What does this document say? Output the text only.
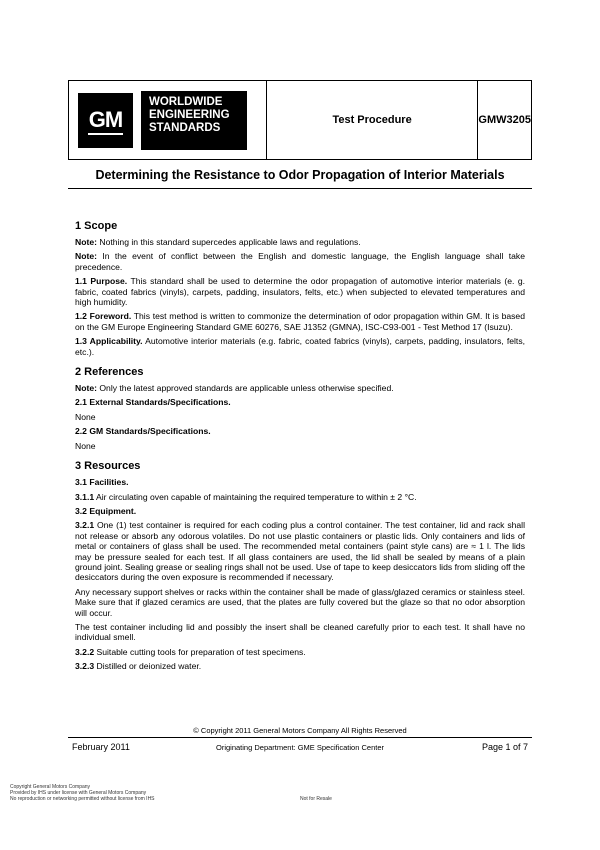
GM
WORLDWIDE
ENGINEERING
STANDARDS
Test Procedure	GMW3205
Determining the Resistance to Odor Propagation of Interior Materials
1 Scope

Note: Nothing in this standard supercedes applicable laws and regulations.

Note: In the event of conflict between the English and domestic language, the English language shall take precedence.

1.1 Purpose. This standard shall be used to determine the odor propagation of automotive interior materials (e. g. fabric, coated fabrics (vinyls), carpets, padding, insulators, felts, etc.) when subjected to elevated temperatures and high humidity.

1.2 Foreword. This test method is written to commonize the determination of odor propagation within GM. It is based on the GM Europe Engineering Standard GME 60276, SAE J1352 (GMNA), ISC-C93-001 - Test Method 17 (Isuzu).

1.3 Applicability. Automotive interior materials (e.g. fabric, coated fabrics (vinyls), carpets, padding, insulators, felts, etc.).

2 References

Note: Only the latest approved standards are applicable unless otherwise specified.

2.1 External Standards/Specifications.

None

2.2 GM Standards/Specifications.

None

3 Resources

3.1 Facilities.

3.1.1 Air circulating oven capable of maintaining the required temperature to within ± 2 °C.

3.2 Equipment.

3.2.1 One (1) test container is required for each coding plus a control container. The test container, lid and rack shall not release or absorb any odorous volatiles. Do not use plastic containers or plastic lids. Only containers and lids of metal or containers of glass shall be used. The recommended metal containers (paint style cans) are ≈ 1 l. The lids may be pressure sealed for each test. If all glass containers are used, the lid shall be sealed by means of a plain ground joint. Sealing grease or sealing rings shall not be used. Use of tape to keep desiccators lids from sliding off the desiccators during the oven exposure is recommended if necessary.

Any necessary support shelves or racks within the container shall be made of glass/glazed ceramics or stainless steel. Make sure that if glazed ceramics are used, that the plates are fully covered but the glaze so that no odor absorption will occur.

The test container including lid and possibly the insert shall be cleaned carefully prior to each test. It shall have no individual smell.

3.2.2 Suitable cutting tools for preparation of test specimens.

3.2.3 Distilled or deionized water.

© Copyright 2011 General Motors Company All Rights Reserved
February 2011	Originating Department: GME Specification Center	Page 1 of 7
Copyright General Motors Company
Provided by IHS under license with General Motors Company
No reproduction or networking permitted without license from IHS	Not for Resale
